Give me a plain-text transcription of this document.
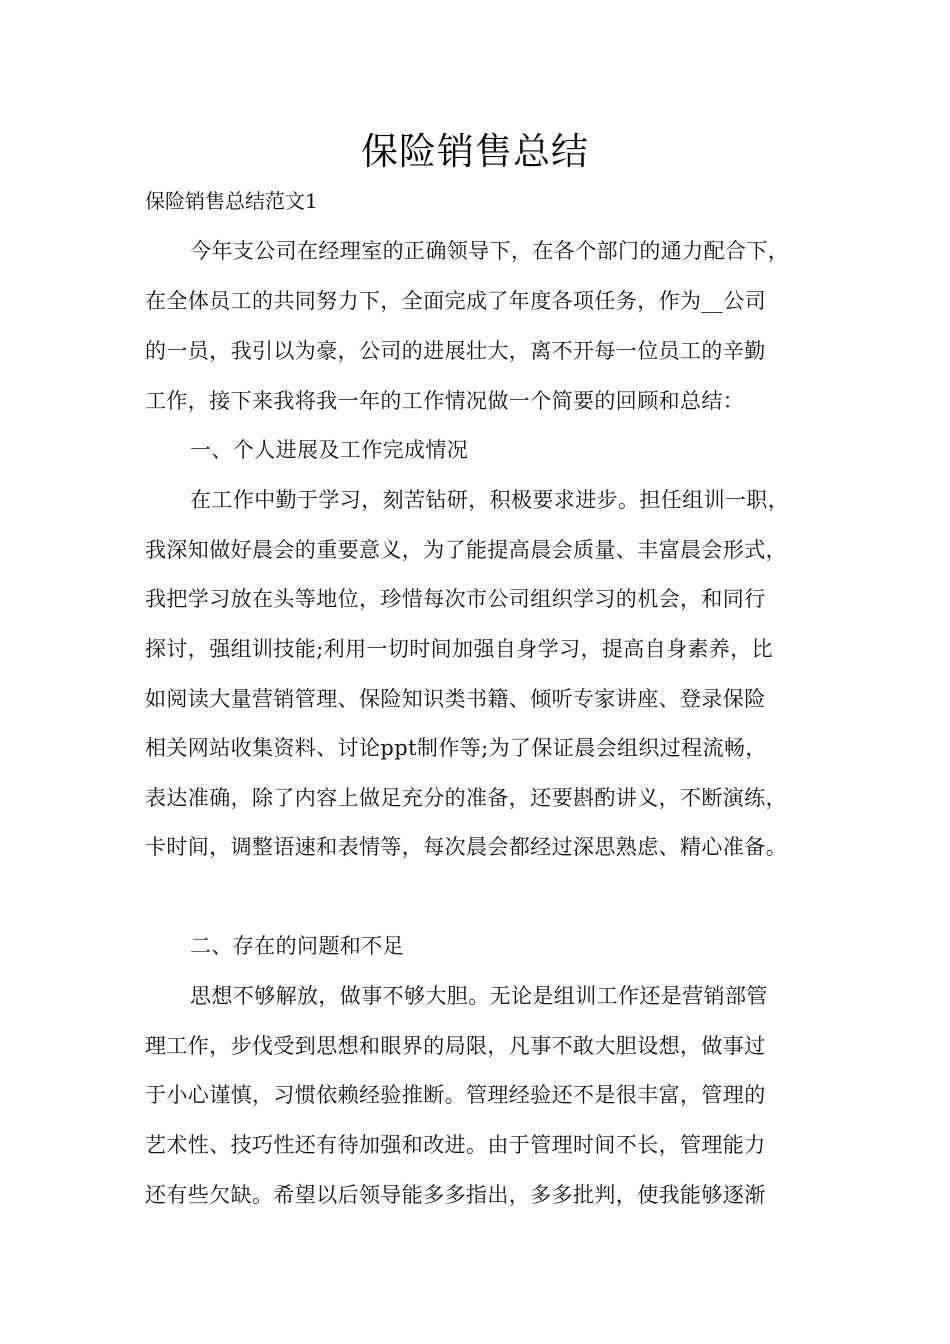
保险销售总结
保险销售总结范文1
今年支公司在经理室的正确领导下，在各个部门的通力配合下，
在全体员工的共同努力下，全面完成了年度各项任务，作为__公司
的一员，我引以为豪，公司的进展壮大，离不开每一位员工的辛勤
工作，接下来我将我一年的工作情况做一个简要的回顾和总结：
一、个人进展及工作完成情况
在工作中勤于学习，刻苦钻研，积极要求进步。担任组训一职，
我深知做好晨会的重要意义，为了能提高晨会质量、丰富晨会形式，
我把学习放在头等地位，珍惜每次市公司组织学习的机会，和同行
探讨，强组训技能;利用一切时间加强自身学习，提高自身素养，比
如阅读大量营销管理、保险知识类书籍、倾听专家讲座、登录保险
相关网站收集资料、讨论ppt制作等;为了保证晨会组织过程流畅，
表达准确，除了内容上做足充分的准备，还要斟酌讲义，不断演练，
卡时间，调整语速和表情等，每次晨会都经过深思熟虑、精心准备。
二、存在的问题和不足
思想不够解放，做事不够大胆。无论是组训工作还是营销部管
理工作，步伐受到思想和眼界的局限，凡事不敢大胆设想，做事过
于小心谨慎，习惯依赖经验推断。管理经验还不是很丰富，管理的
艺术性、技巧性还有待加强和改进。由于管理时间不长，管理能力
还有些欠缺。希望以后领导能多多指出，多多批判，使我能够逐渐
